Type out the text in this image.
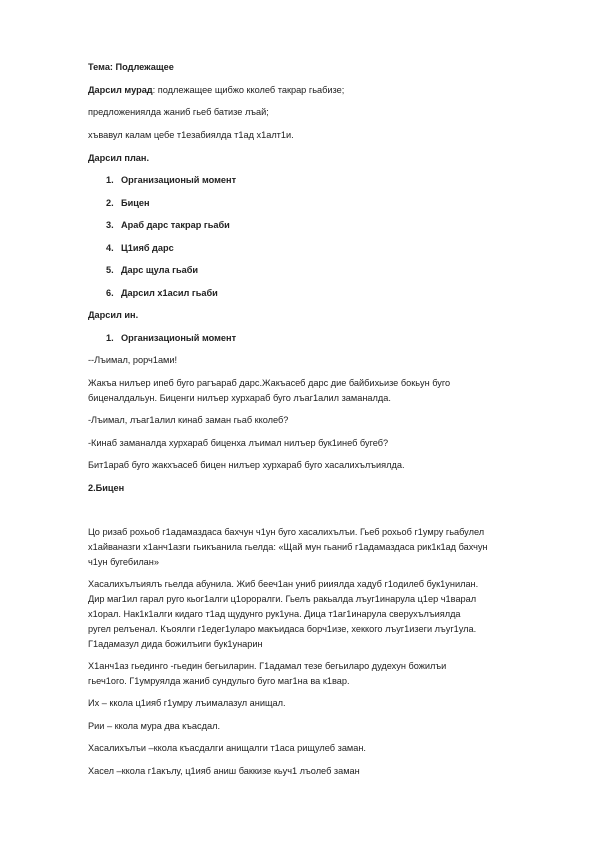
Тема: Подлежащее

Дарсил мурад: подлежащее щибжо кколеб такрар гьабизе;

предложениялда жаниб гьеб батизе лъай;

хъвавул калам цебе т1езабиялда т1ад х1алт1и.

Дарсил план.

1. Организационый момент
2. Бицен
3. Араб дарс такрар гьаби
4. Ц1ияб дарс
5. Дарс щула гьаби
6. Дарсил х1асил гьаби

Дарсил ин.

1. Организационый момент

--Лъимал, рорч1ами!

Жакъа нилъер иneб буго рагъараб дарс.Жакъасеб дарс дие байбихьизе бокьун буго

биценалдальун. Биценги нилъер хурхараб буго лъаг1алил заманалда.

-Лъимал, лъаг1алил кинаб заман гьаб кколеб?

-Кинаб заманалда хурхараб биценха лъимал нилъер бук1инеб бугеб?

Бит1араб буго жакхъасеб бицен нилъер хурхараб буго хасалихълъиялда.

2.Бицен

Цо ризаб рохьоб г1адамаздаса бахчун ч1ун буго хасалихълъи. Гьеб рохьоб г1умру гьабулел

х1айваназги х1анч1азги гьикъанила гьелда: «Щай мун гьаниб г1адамаздаса рик1к1ад бахчун

ч1ун бугебилан»

Хасалихълъиялъ гьелда абунила. Жиб бееч1ан униб рииялда хадуб г1одилеб бук1унилан.

Дир маг1ил гарал руго кьог1алги ц1ороралги. Гьелъ ракьалда лъуг1инарула ц1ер ч1варал

х1орал. Нак1к1алги кидаго т1ад щудунго рук1уна. Дица т1аг1инарула сверухълъиялда

ругел релъенал. Къоялги г1едег1уларо макъидаса борч1изе, хеккого лъуг1изеги лъуг1ула.

Г1адамазул дида божилъиги бук1унарин

Х1анч1аз гьединго -гьедин бегьиларин. Г1адамал тезе бегьиларо дудехун божилъи

гьеч1ого. Г1умруялда жаниб сундульго буго маг1на ва к1вар.

Их – ккола ц1ияб г1умру лъималазул анищал.

Рии – ккола мура два къасдал.

Хасалихълъи –ккола къасдалги анищалги т1аса рищулеб заман.

Хасел –ккола г1акълу, ц1ияб аниш баккизе кьуч1 лъолеб заман
